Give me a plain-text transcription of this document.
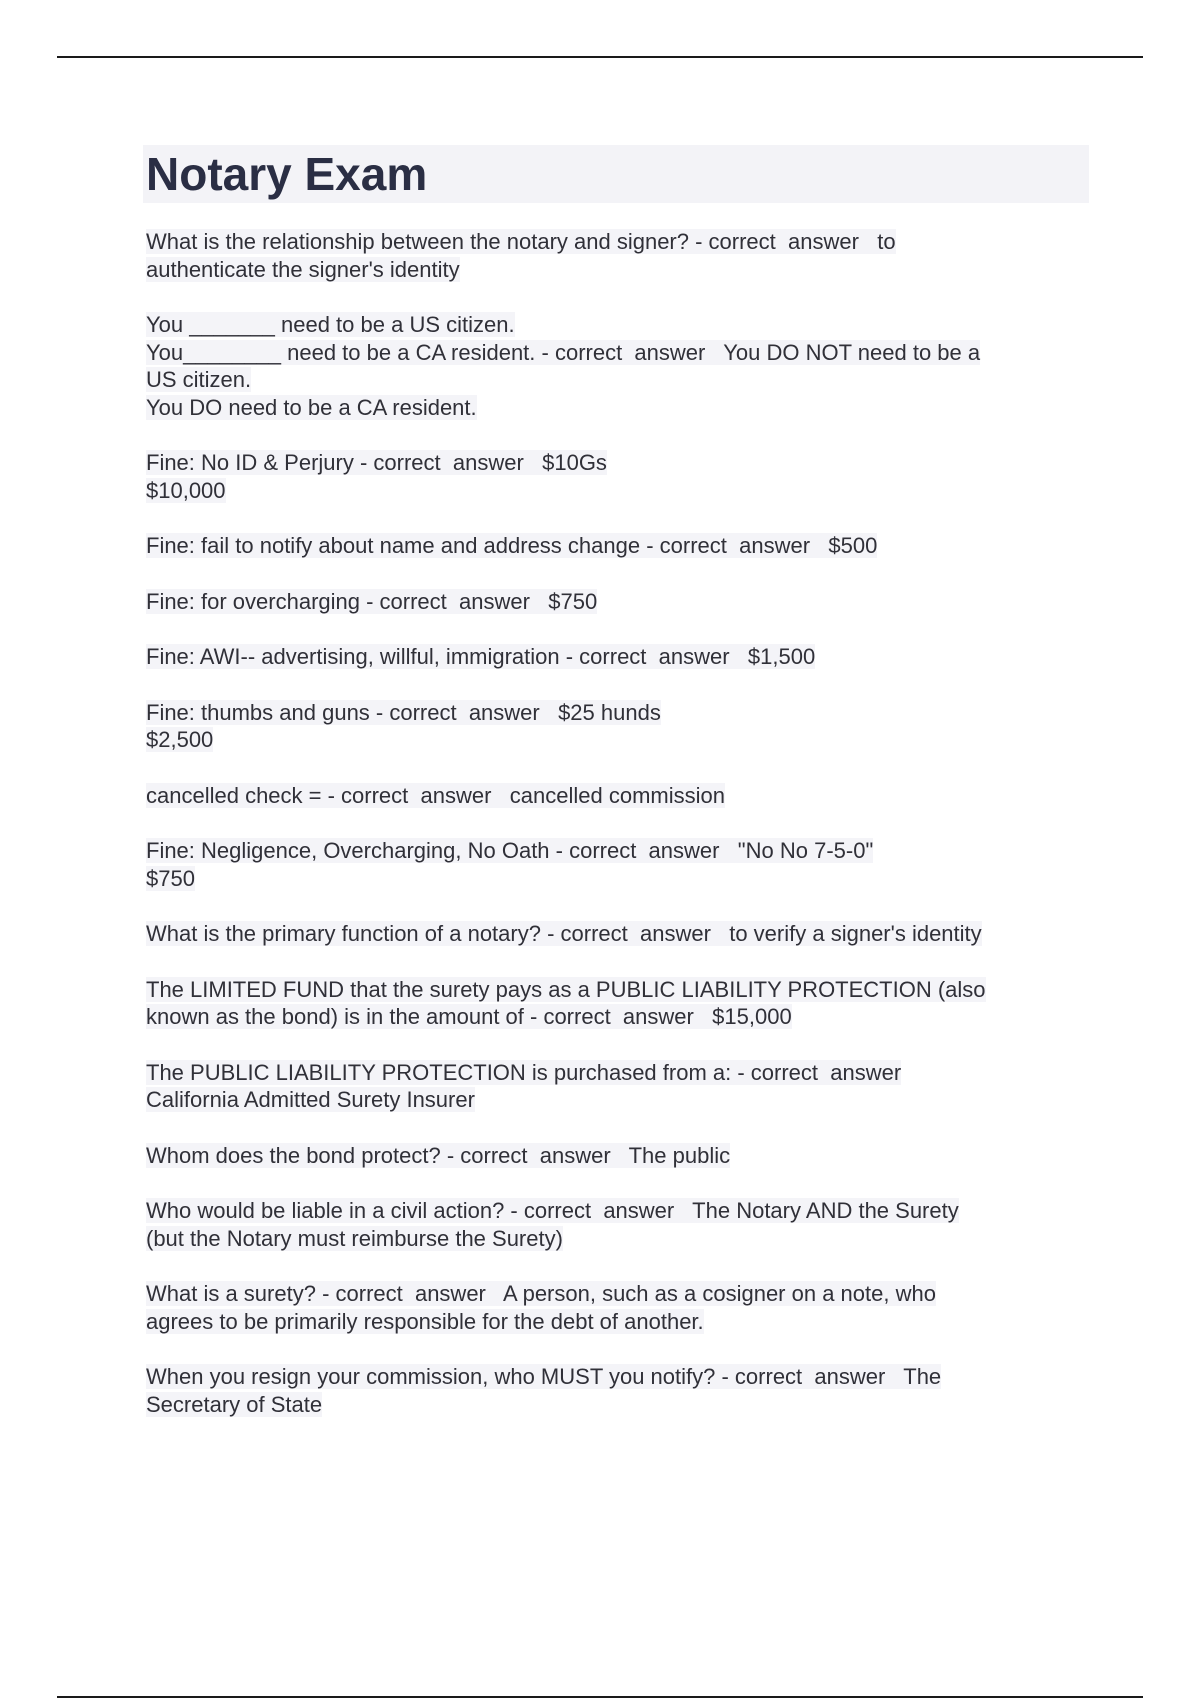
Notary Exam
What is the relationship between the notary and signer? - correct  answer   to
authenticate the signer's identity
You _______ need to be a US citizen.
You________ need to be a CA resident. - correct  answer   You DO NOT need to be a
US citizen.
You DO need to be a CA resident.
Fine: No ID & Perjury - correct  answer   $10Gs
$10,000
Fine: fail to notify about name and address change - correct  answer   $500
Fine: for overcharging - correct  answer   $750
Fine: AWI-- advertising, willful, immigration - correct  answer   $1,500
Fine: thumbs and guns - correct  answer   $25 hunds
$2,500
cancelled check = - correct  answer   cancelled commission
Fine: Negligence, Overcharging, No Oath - correct  answer   "No No 7-5-0"
$750
What is the primary function of a notary? - correct  answer   to verify a signer's identity
The LIMITED FUND that the surety pays as a PUBLIC LIABILITY PROTECTION (also
known as the bond) is in the amount of - correct  answer   $15,000
The PUBLIC LIABILITY PROTECTION is purchased from a: - correct  answer
California Admitted Surety Insurer
Whom does the bond protect? - correct  answer   The public
Who would be liable in a civil action? - correct  answer   The Notary AND the Surety
(but the Notary must reimburse the Surety)
What is a surety? - correct  answer   A person, such as a cosigner on a note, who
agrees to be primarily responsible for the debt of another.
When you resign your commission, who MUST you notify? - correct  answer   The
Secretary of State
